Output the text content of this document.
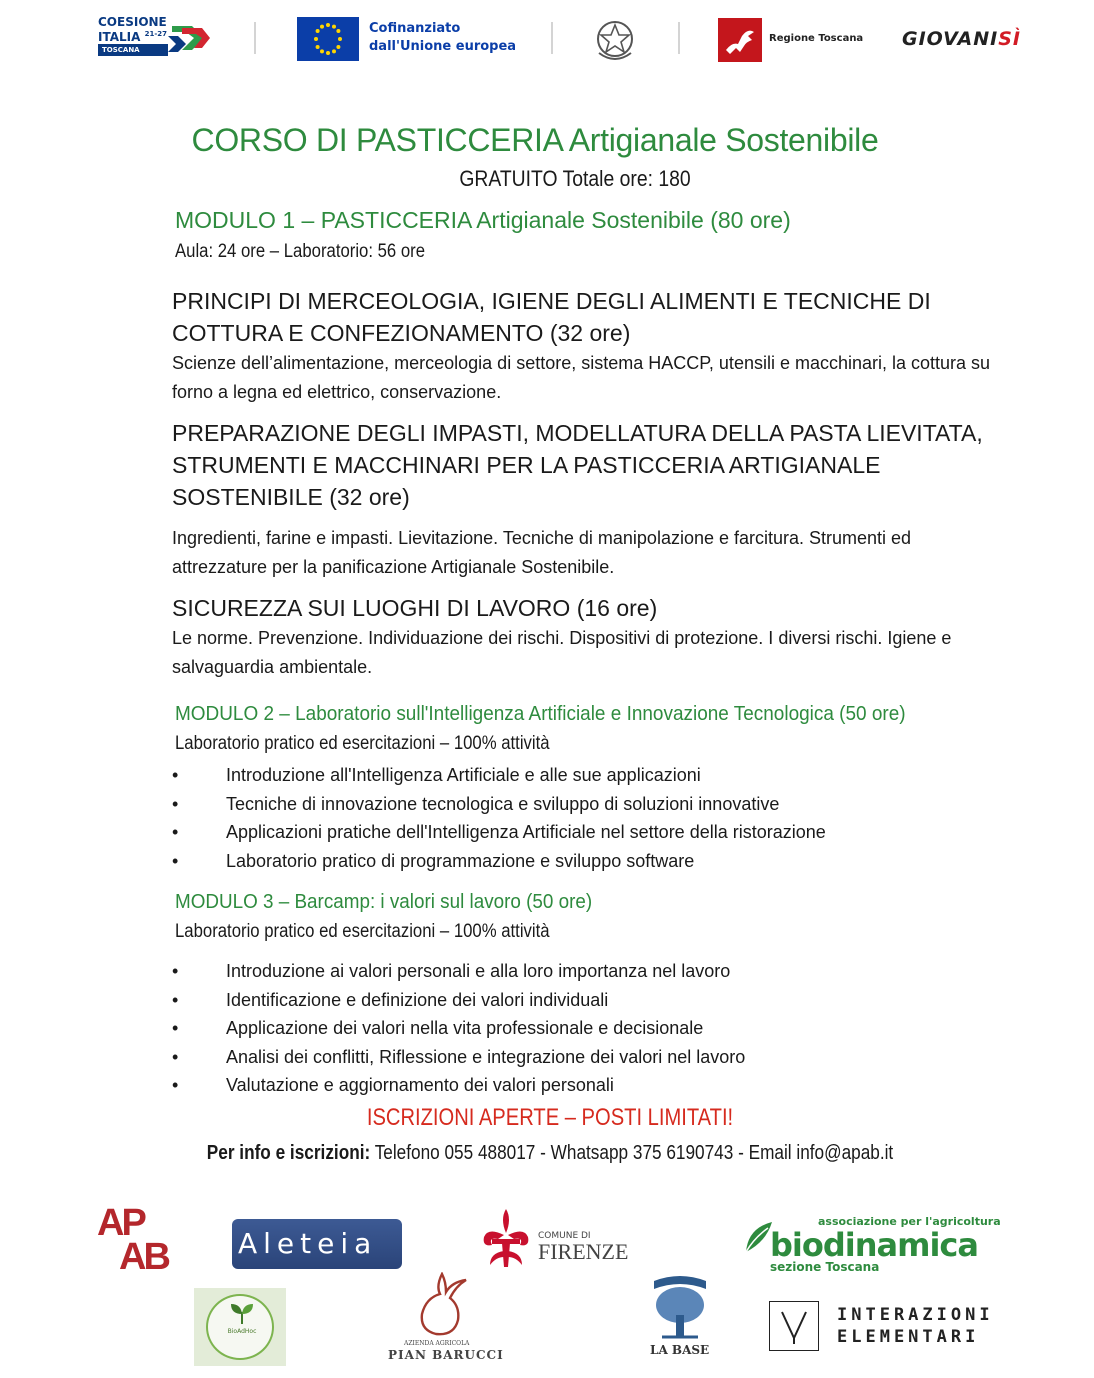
COESIONE
ITALIA $^{21-27}$
TOSCANA
Cofinanziato
dall'Unione europea
Regione Toscana GIOVANISÌ
CORSO DI PASTICCERIA Artigianale Sostenibile
GRATUITO Totale ore: 180
MODULO 1 – PASTICCERIA Artigianale Sostenibile (80 ore)
Aula: 24 ore – Laboratorio: 56 ore
PRINCIPI DI MERCEOLOGIA, IGIENE DEGLI ALIMENTI E TECNICHE DI COTTURA E CONFEZIONAMENTO (32 ore)
Scienze dell’alimentazione, merceologia di settore, sistema HACCP, utensili e macchinari, la cottura su forno a legna ed elettrico, conservazione.
PREPARAZIONE DEGLI IMPASTI, MODELLATURA DELLA PASTA LIEVITATA, STRUMENTI E MACCHINARI PER LA PASTICCERIA ARTIGIANALE SOSTENIBILE (32 ore)
Ingredienti, farine e impasti. Lievitazione. Tecniche di manipolazione e farcitura. Strumenti ed attrezzature per la panificazione Artigianale Sostenibile.
SICUREZZA SUI LUOGHI DI LAVORO (16 ore)
Le norme. Prevenzione. Individuazione dei rischi. Dispositivi di protezione. I diversi rischi. Igiene e salvaguardia ambientale.
MODULO 2 – Laboratorio sull'Intelligenza Artificiale e Innovazione Tecnologica (50 ore)
Laboratorio pratico ed esercitazioni – 100% attività
•	Introduzione all'Intelligenza Artificiale e alle sue applicazioni
•	Tecniche di innovazione tecnologica e sviluppo di soluzioni innovative
•	Applicazioni pratiche dell'Intelligenza Artificiale nel settore della ristorazione
•	Laboratorio pratico di programmazione e sviluppo software
MODULO 3 – Barcamp: i valori sul lavoro (50 ore)
Laboratorio pratico ed esercitazioni – 100% attività
•	Introduzione ai valori personali e alla loro importanza nel lavoro
•	Identificazione e definizione dei valori individuali
•	Applicazione dei valori nella vita professionale e decisionale
•	Analisi dei conflitti, Riflessione e integrazione dei valori nel lavoro
•	Valutazione e aggiornamento dei valori personali
ISCRIZIONI APERTE – POSTI LIMITATI!
Per info e iscrizioni: Telefono 055 488017 - Whatsapp 375 6190743 - Email info@apab.it
AP
AB	Aleteia	COMUNE DI
FIRENZE
associazione per l'agricoltura
biodinamica
sezione Toscana
BioAdHoc
AZIENDA AGRICOLA
PIAN BARUCCI	LA BASE
INTERAZIONI
ELEMENTARI
